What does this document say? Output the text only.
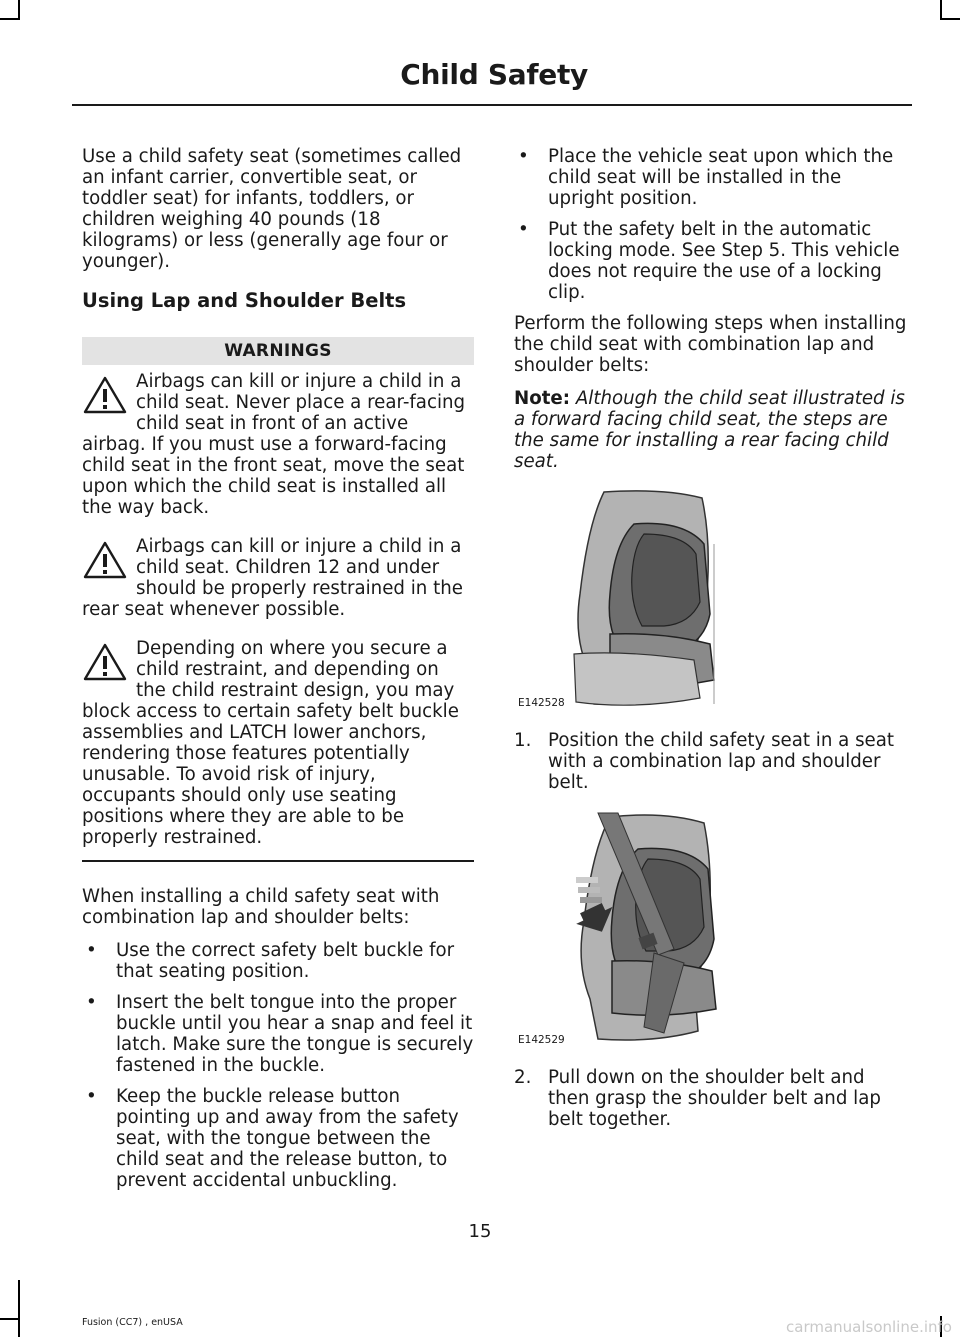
Child Safety

Use a child safety seat (sometimes called an infant carrier, convertible seat, or toddler seat) for infants, toddlers, or children weighing 40 pounds (18 kilograms) or less (generally age four or younger).

Using Lap and Shoulder Belts
WARNINGS
Airbags can kill or injure a child in a child seat. Never place a rear-facing child seat in front of an active airbag. If you must use a forward-facing child seat in the front seat, move the seat upon which the child seat is installed all the way back.
Airbags can kill or injure a child in a child seat. Children 12 and under should be properly restrained in the rear seat whenever possible.
Depending on where you secure a child restraint, and depending on the child restraint design, you may block access to certain safety belt buckle assemblies and LATCH lower anchors, rendering those features potentially unusable. To avoid risk of injury, occupants should only use seating positions where they are able to be properly restrained.

When installing a child safety seat with combination lap and shoulder belts:

• Use the correct safety belt buckle for that seating position.
• Insert the belt tongue into the proper buckle until you hear a snap and feel it latch. Make sure the tongue is securely fastened in the buckle.
• Keep the buckle release button pointing up and away from the safety seat, with the tongue between the child seat and the release button, to prevent accidental unbuckling.
• Place the vehicle seat upon which the child seat will be installed in the upright position.
• Put the safety belt in the automatic locking mode. See Step 5. This vehicle does not require the use of a locking clip.

Perform the following steps when installing the child seat with combination lap and shoulder belts:

Note: Although the child seat illustrated is a forward facing child seat, the steps are the same for installing a rear facing child seat.

E142528
1. Position the child safety seat in a seat with a combination lap and shoulder belt.
E142529
2. Pull down on the shoulder belt and then grasp the shoulder belt and lap belt together.
15
Fusion (CC7) , enUSA	carmanualsonline.info
